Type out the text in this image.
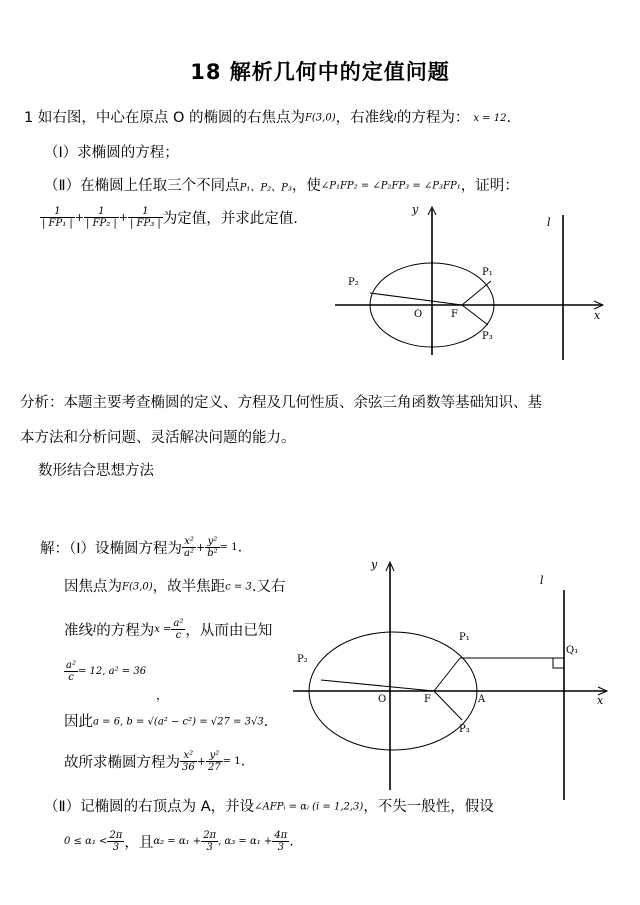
18 解析几何中的定值问题
1 如右图，中心在原点 O 的椭圆的右焦点为F(3,0)，右准线l的方程为： x = 12.
（Ⅰ）求椭圆的方程；
（Ⅱ）在椭圆上任取三个不同点P₁、P₂、P₃，使∠P₁FP₂ = ∠P₂FP₃ = ∠P₃FP₁，证明：
$\frac{1}{\text{| FP₁ |}} + \frac{1}{\text{| FP₂ |}} + \frac{1}{\text{| FP₃ |}}$ 为定值，并求此定值.
y
x
l
O	F
P₁
P₂
P₃
分析：本题主要考查椭圆的定义、方程及几何性质、余弦三角函数等基础知识、基
本方法和分析问题、灵活解决问题的能力。
数形结合思想方法
解：（Ⅰ）设椭圆方程为 $\frac{\text{x²}}{\text{a²}} + \frac{\text{y²}}{\text{b²}} = 1$.
因焦点为F(3,0)，故半焦距c = 3.又右
准线l的方程为$x = \frac{\text{a²}}{c}$ ，从而由已知
$\frac{\text{a²}}{c} = 12$, a² = 36
，
因此a = 6, b = √(a² − c²) = √27 = 3√3.
故所求椭圆方程为 $\frac{\text{x²}}{36} + \frac{\text{y²}}{27} = 1$.
（Ⅱ）记椭圆的右顶点为 A，并设∠AFPᵢ = αᵢ (i = 1,2,3)，不失一般性，假设
$0 \le \alpha_1 < \frac{2\pi}{3}$ ，且$\alpha_2 = \alpha_1 + \frac{2\pi}{3}$ , $\alpha_3 = \alpha_1 + \frac{4\pi}{3}$ .
y
x
l
O	F	A
P₁
P₂
P₃
Q₁
